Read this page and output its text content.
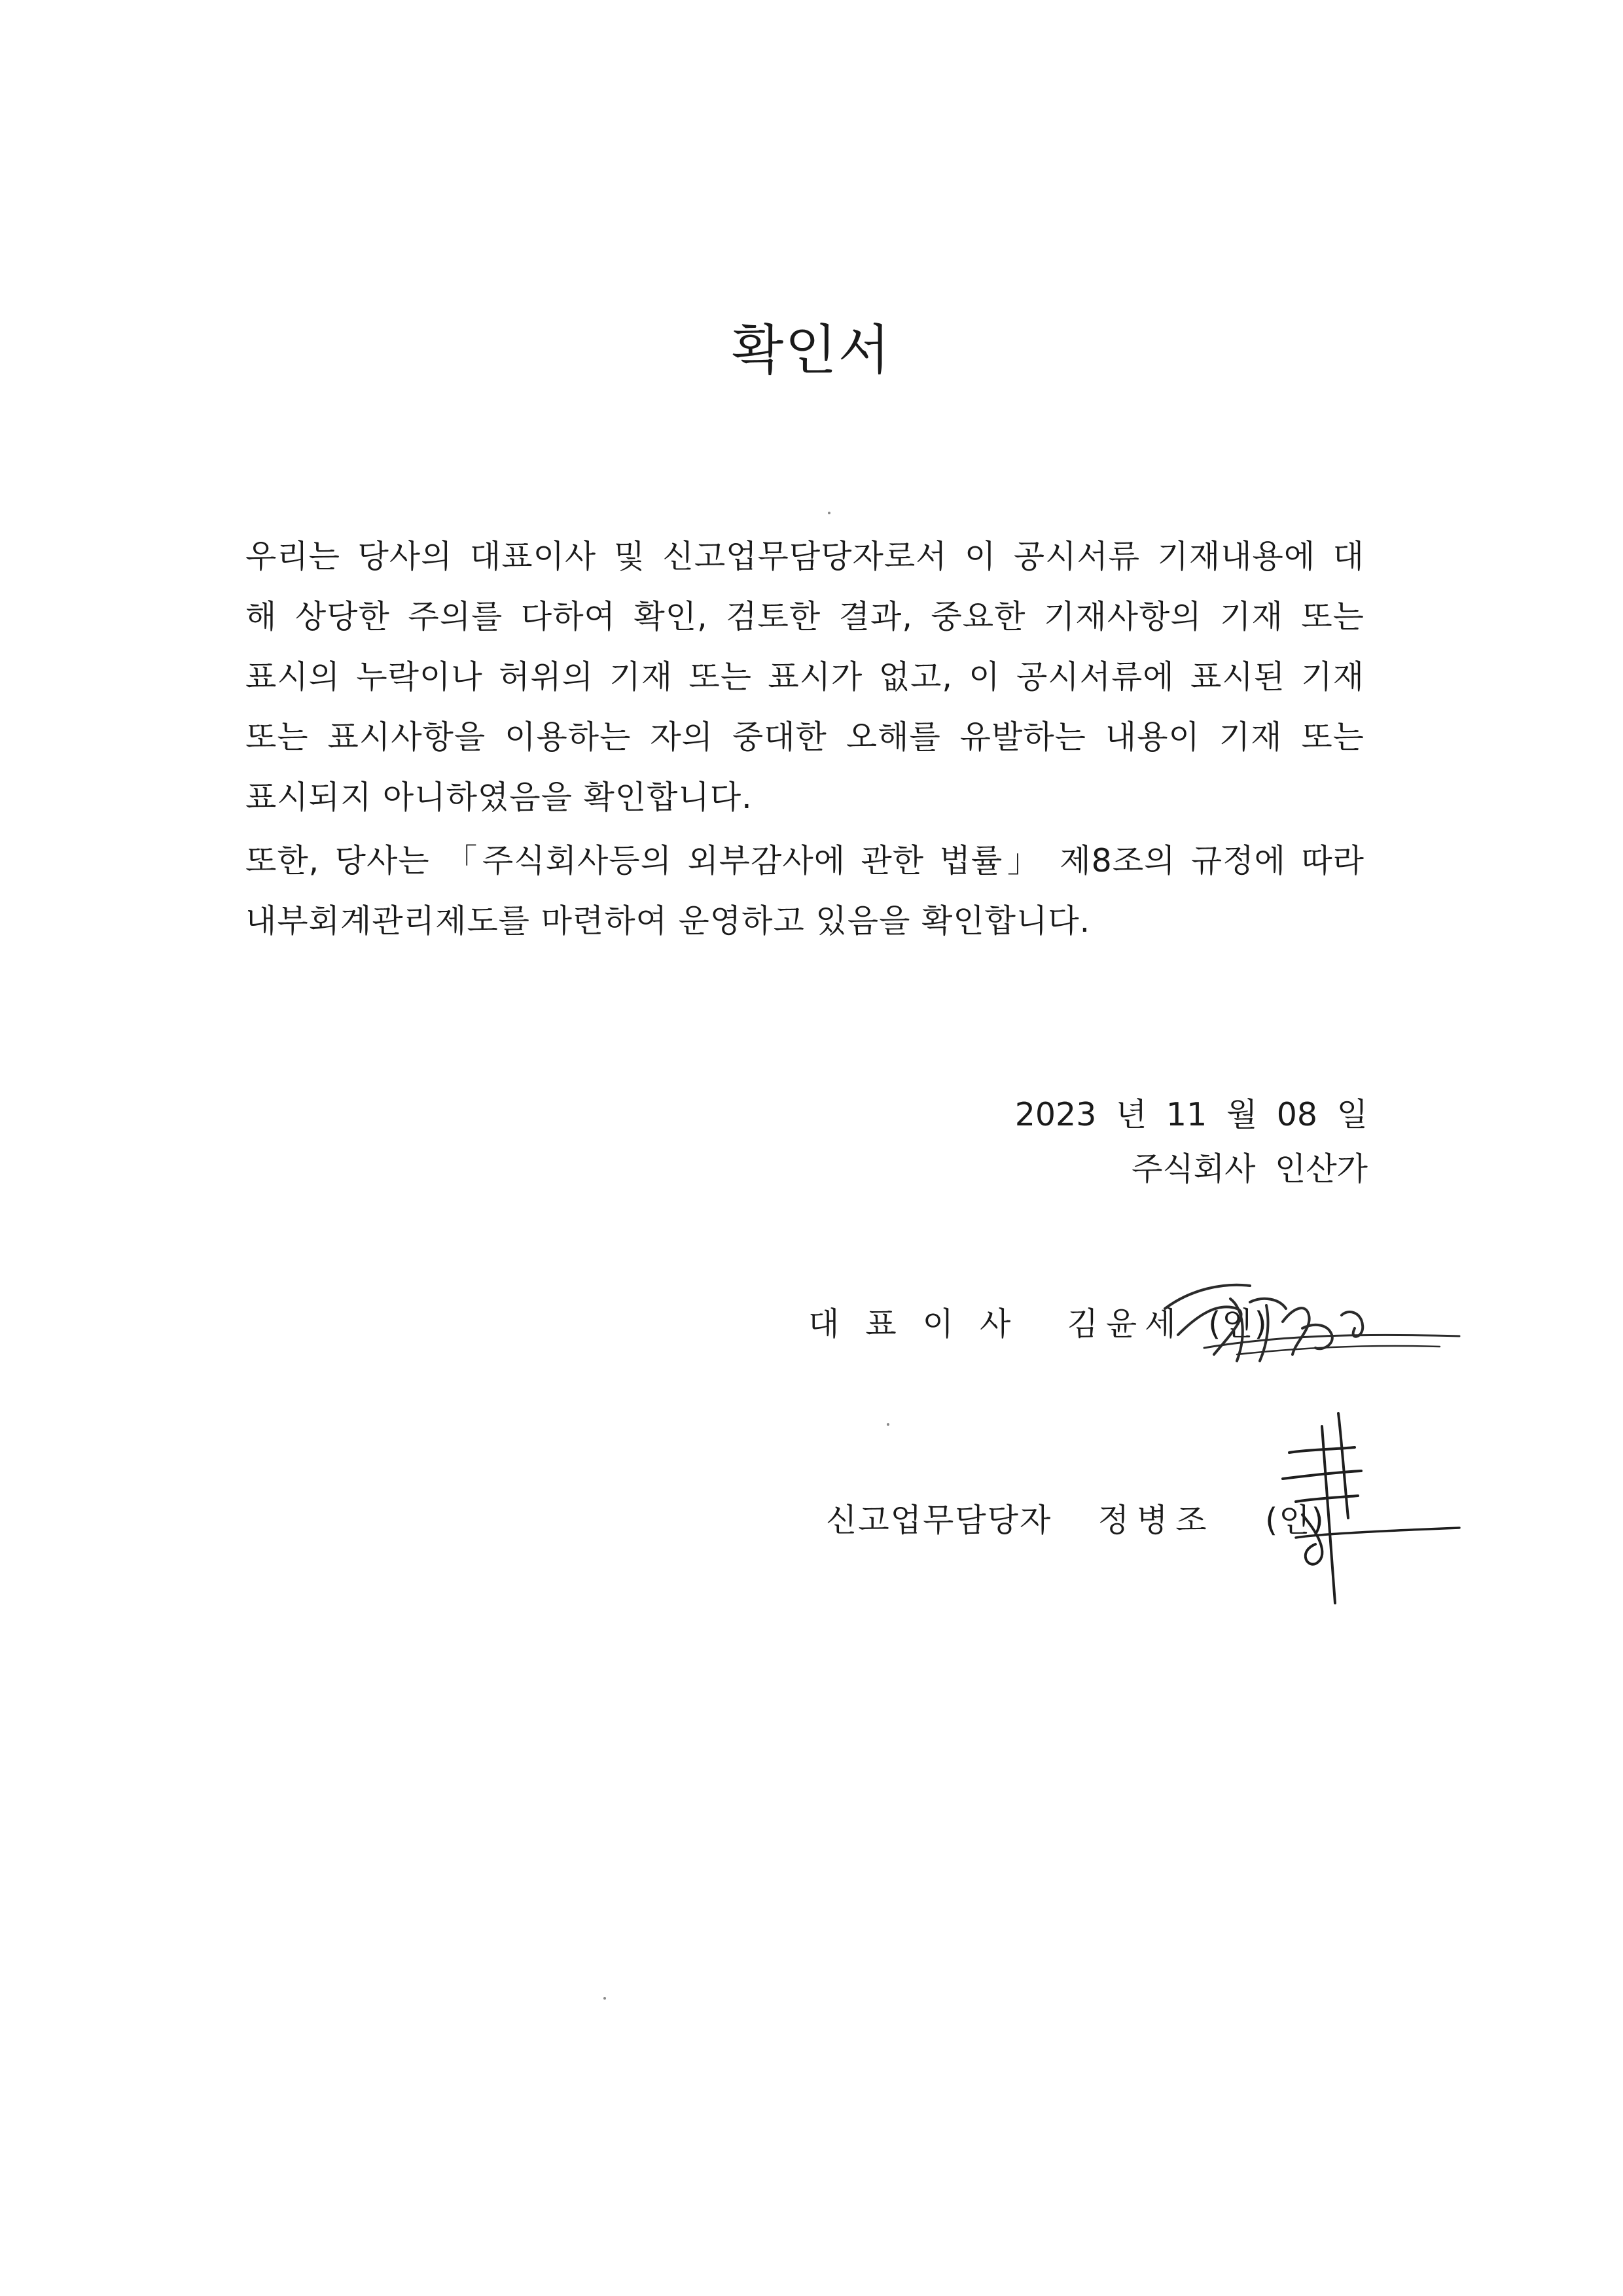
확인서
우리는 당사의 대표이사 및 신고업무담당자로서 이 공시서류 기재내용에 대
해 상당한 주의를 다하여 확인, 검토한 결과, 중요한 기재사항의 기재 또는
표시의 누락이나 허위의 기재 또는 표시가 없고, 이 공시서류에 표시된 기재
또는 표시사항을 이용하는 자의 중대한 오해를 유발하는 내용이 기재 또는
표시되지 아니하였음을 확인합니다.
또한, 당사는 「주식회사등의 외부감사에 관한 법률」 제8조의 규정에 따라
내부회계관리제도를 마련하여 운영하고 있음을 확인합니다.
2023 년 11 월 08 일
주식회사 인산가
대표이사 김윤세 (인)
신고업무담당자 정병조 (인)
